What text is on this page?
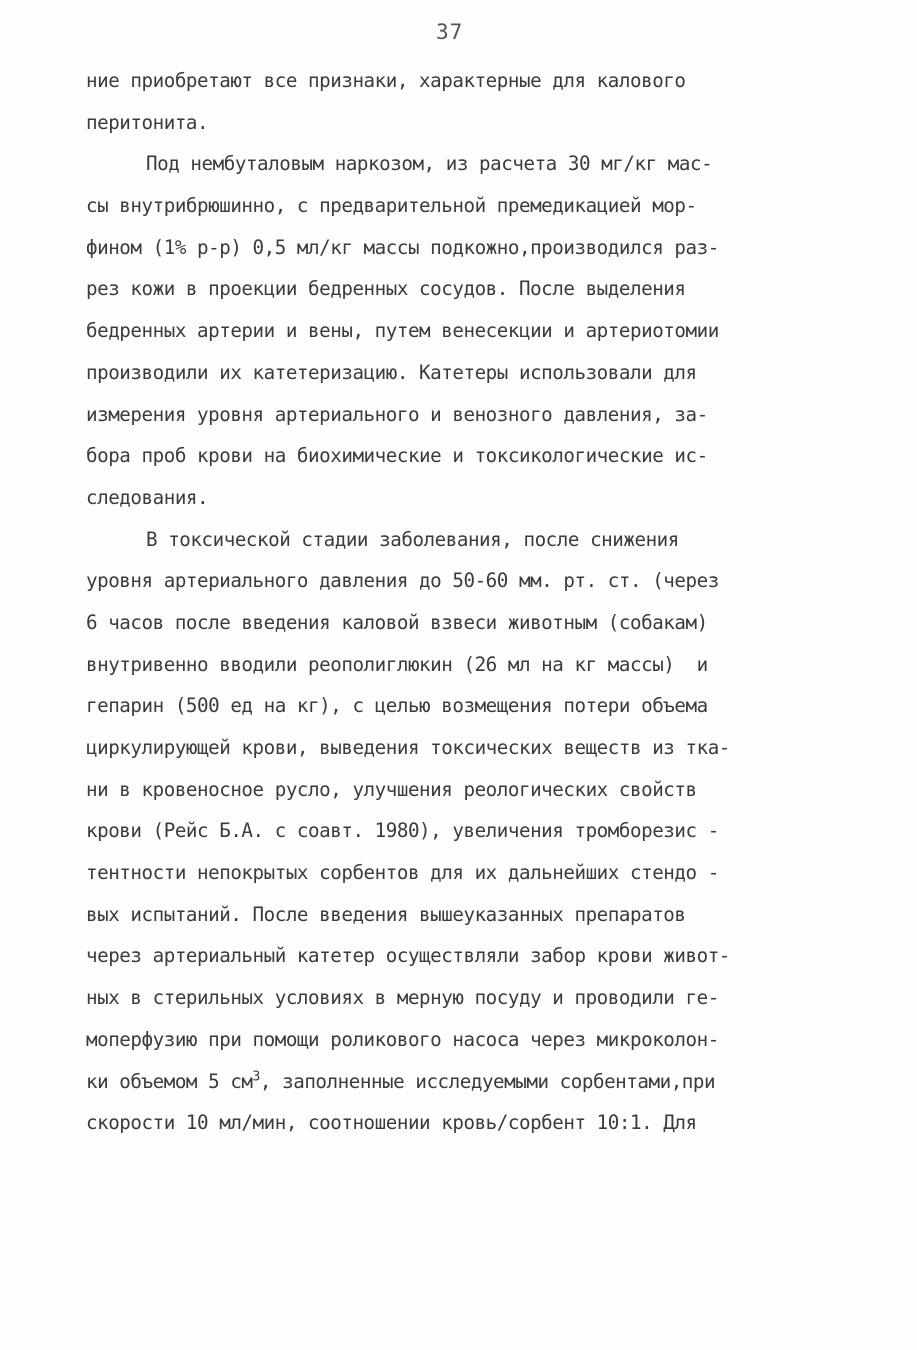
37
ние приобретают все признаки, характерные для калового
перитонита.
Под нембуталовым наркозом, из расчета 30 мг/кг мас-
сы внутрибрюшинно, с предварительной премедикацией мор-
фином (1% р-р) 0,5 мл/кг массы подкожно,производился раз-
рез кожи в проекции бедренных сосудов. После выделения
бедренных артерии и вены, путем венесекции и артериотомии
производили их катетеризацию. Катетеры использовали для
измерения уровня артериального и венозного давления, за-
бора проб крови на биохимические и токсикологические ис-
следования.
В токсической стадии заболевания, после снижения
уровня артериального давления до 50-60 мм. рт. ст. (через
6 часов после введения каловой взвеси животным (собакам)
внутривенно вводили реополиглюкин (26 мл на кг массы)  и
гепарин (500 ед на кг), с целью возмещения потери объема
циркулирующей крови, выведения токсических веществ из тка-
ни в кровеносное русло, улучшения реологических свойств
крови (Рейс Б.А. с соавт. 1980), увеличения тромборезис -
тентности непокрытых сорбентов для их дальнейших стендо -
вых испытаний. После введения вышеуказанных препаратов
через артериальный катетер осуществляли забор крови живот-
ных в стерильных условиях в мерную посуду и проводили ге-
моперфузию при помощи роликового насоса через микроколон-
ки объемом 5 $см^3$, заполненные исследуемыми сорбентами,при
скорости 10 мл/мин, соотношении кровь/сорбент 10:1. Для
